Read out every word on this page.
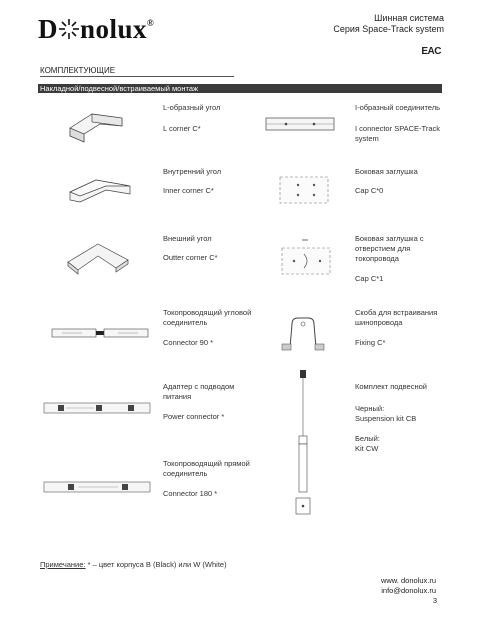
D nolux®	Шинная система
Серия Space-Track system
EAC
КОМПЛЕКТУЮЩИЕ
Накладной/подвесной/встраиваемый монтаж
L-образный угол
L corner C*
I-образный соединитель
I connector SPACE-Track
system
Внутренний угол
Inner corner C*
Боковая заглушка
Cap C*0
Внешний угол
Outter corner C*
Боковая заглушка с
отверстием для
токопровода
Cap C*1
Токопроводящий угловой
соединитель
Connector 90 *
Скоба для встраивания
шинопровода
Fixing C*
Адаптер с подводом
питания
Power connector *
Комплект подвесной
Черный:
Suspension kit CB
Белый:
Kit CW
Токопроводящий прямой
соединитель
Connector 180 *
Примечание: * – цвет корпуса B (Black) или W (White)
www. donolux.ru
info@donolux.ru
3
